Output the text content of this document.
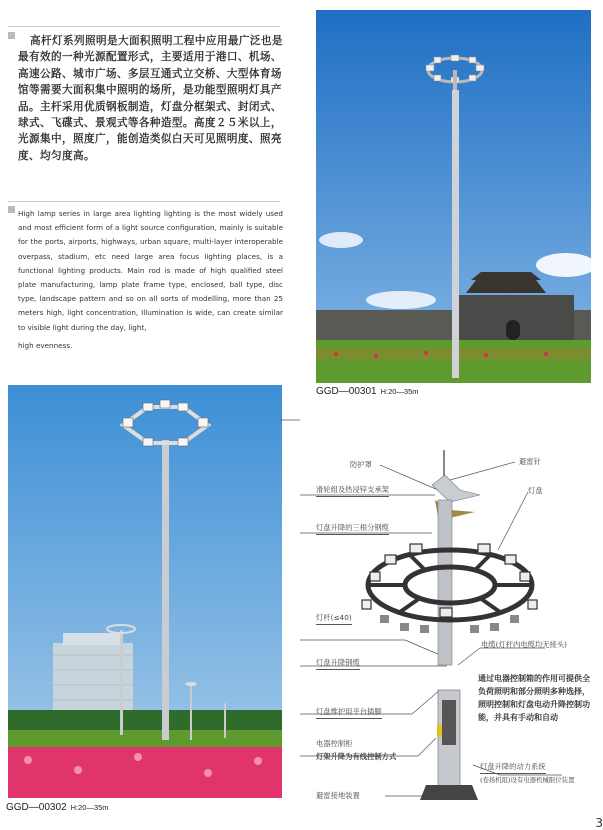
高杆灯系列照明是大面积照明工程中应用最广泛也是最有效的一种光源配置形式，主要适用于港口、机场、高速公路、城市广场、多层互通式立交桥、大型体育场馆等需要大面积集中照明的场所，是功能型照明灯具产品。主杆采用优质钢板制造，灯盘分框架式、封闭式、球式、飞碟式、景观式等各种造型。高度２５米以上，光源集中，照度广，能创造类似白天可见照明度、照亮度、均匀度高。

High lamp series in large area lighting lighting is the most widely used and most efficient form of a light source configuration, mainly is suitable for the ports, airports, highways, urban square, multi-layer interoperable overpass, stadium, etc need large area focus lighting places, is a functional lighting products. Main rod is made of high qualified steel plate manufacturing, lamp plate frame type, enclosed, ball type, disc type, landscape pattern and so on all sorts of modelling, more than 25 meters high, light concentration, Illumination is wide, can create similar to visible light during the day, light,
high evenness.

GGD—00301 H:20—35m
GGD—00302 H:20—35m
防护罩	避雷针
滑轮组及热浸锌支承架	灯盘
灯盘升降的三根分钢缆
灯杆(≤40)
电缆(灯杆内电缆均无接头)
灯盘升降钢缆

通过电器控制箱的作用可提供全负荷照明和部分照明多种选择，照明控制和灯盘电动升降控制功能，并具有手动和自动

灯盘维护用平台插脚
电器控制柜
灯架升降为有线控制方式
灯盘升降的动力系统
(卷扬机组)设有电器机械限位装置
避雷接地装置
3
